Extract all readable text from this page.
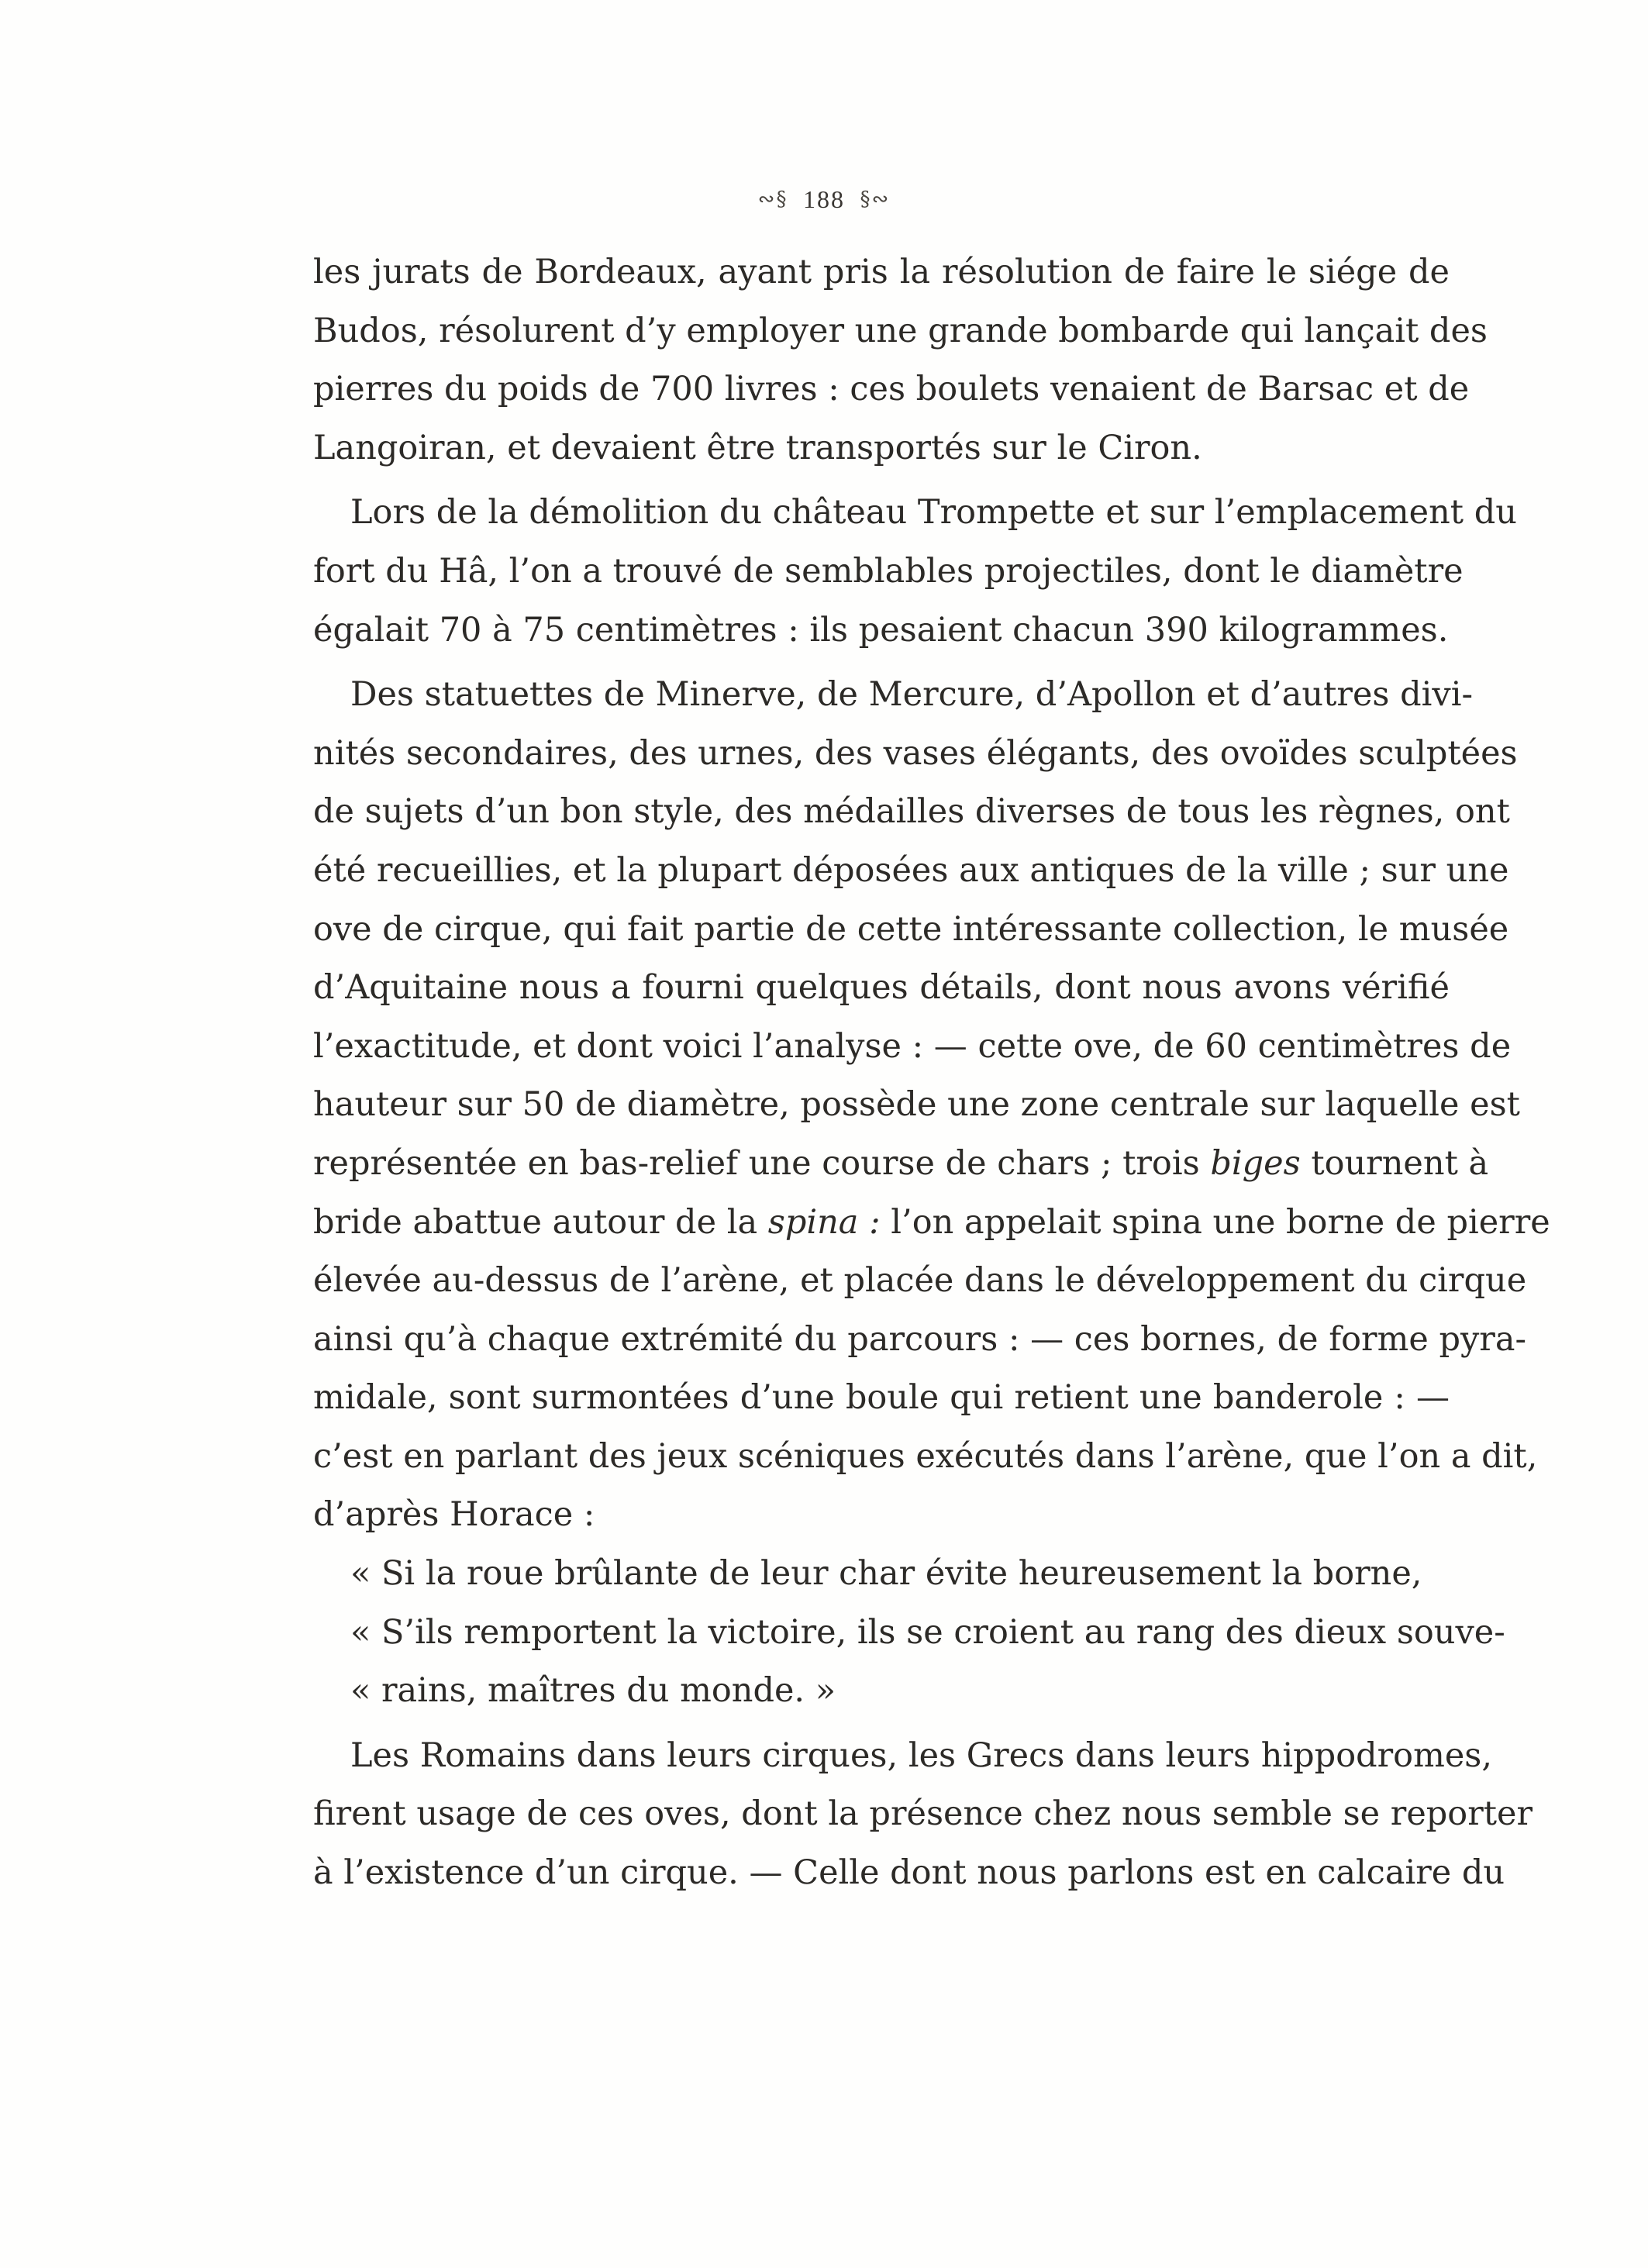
∾§ 188 §∾
les jurats de Bordeaux, ayant pris la résolution de faire le siége de
Budos, résolurent d’y employer une grande bombarde qui lançait des
pierres du poids de 700 livres : ces boulets venaient de Barsac et de
Langoiran, et devaient être transportés sur le Ciron.
Lors de la démolition du château Trompette et sur l’emplacement du
fort du Hâ, l’on a trouvé de semblables projectiles, dont le diamètre
égalait 70 à 75 centimètres : ils pesaient chacun 390 kilogrammes.
Des statuettes de Minerve, de Mercure, d’Apollon et d’autres divi-
nités secondaires, des urnes, des vases élégants, des ovoïdes sculptées
de sujets d’un bon style, des médailles diverses de tous les règnes, ont
été recueillies, et la plupart déposées aux antiques de la ville ; sur une
ove de cirque, qui fait partie de cette intéressante collection, le musée
d’Aquitaine nous a fourni quelques détails, dont nous avons vérifié
l’exactitude, et dont voici l’analyse : — cette ove, de 60 centimètres de
hauteur sur 50 de diamètre, possède une zone centrale sur laquelle est
représentée en bas-relief une course de chars ; trois biges tournent à
bride abattue autour de la spina : l’on appelait spina une borne de pierre
élevée au-dessus de l’arène, et placée dans le développement du cirque
ainsi qu’à chaque extrémité du parcours : — ces bornes, de forme pyra-
midale, sont surmontées d’une boule qui retient une banderole : —
c’est en parlant des jeux scéniques exécutés dans l’arène, que l’on a dit,
d’après Horace :
« Si la roue brûlante de leur char évite heureusement la borne,
« S’ils remportent la victoire, ils se croient au rang des dieux souve-
« rains, maîtres du monde. »
Les Romains dans leurs cirques, les Grecs dans leurs hippodromes,
firent usage de ces oves, dont la présence chez nous semble se reporter
à l’existence d’un cirque. — Celle dont nous parlons est en calcaire du
